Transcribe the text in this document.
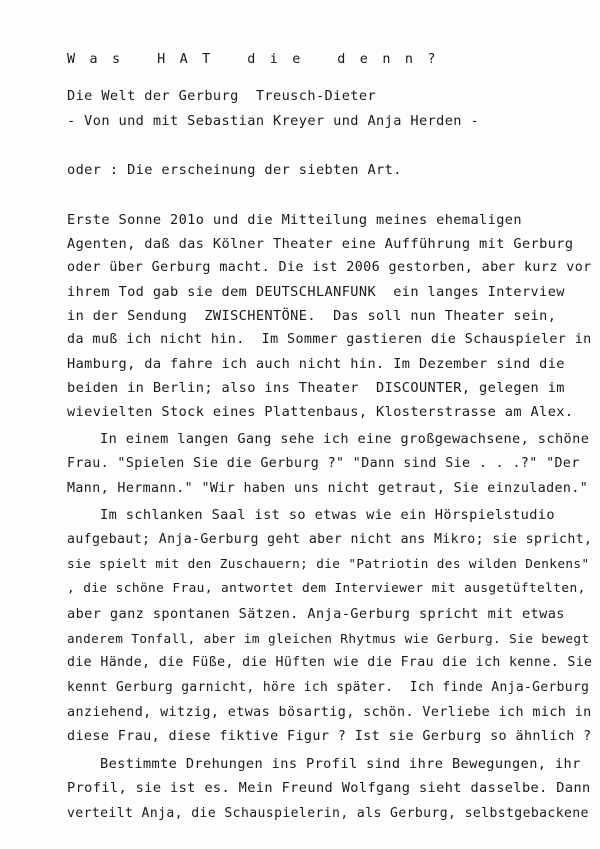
W a s   H A T   d i e   d e n n ?
Die Welt der Gerburg  Treusch-Dieter
- Von und mit Sebastian Kreyer und Anja Herden -
oder : Die erscheinung der siebten Art.
Erste Sonne 201o und die Mitteilung meines ehemaligen
Agenten, daß das Kölner Theater eine Aufführung mit Gerburg
oder über Gerburg macht. Die ist 2006 gestorben, aber kurz vor
ihrem Tod gab sie dem DEUTSCHLANFUNK  ein langes Interview
in der Sendung  ZWISCHENTÖNE.  Das soll nun Theater sein,
da muß ich nicht hin.  Im Sommer gastieren die Schauspieler in
Hamburg, da fahre ich auch nicht hin. Im Dezember sind die
beiden in Berlin; also ins Theater  DISCOUNTER, gelegen im
wievielten Stock eines Plattenbaus, Klosterstrasse am Alex.
In einem langen Gang sehe ich eine großgewachsene, schöne
Frau. "Spielen Sie die Gerburg ?" "Dann sind Sie . . .?" "Der
Mann, Hermann." "Wir haben uns nicht getraut, Sie einzuladen."
Im schlanken Saal ist so etwas wie ein Hörspielstudio
aufgebaut; Anja-Gerburg geht aber nicht ans Mikro; sie spricht,
sie spielt mit den Zuschauern; die "Patriotin des wilden Denkens"
, die schöne Frau, antwortet dem Interviewer mit ausgetüftelten,
aber ganz spontanen Sätzen. Anja-Gerburg spricht mit etwas
anderem Tonfall, aber im gleichen Rhytmus wie Gerburg. Sie bewegt
die Hände, die Füße, die Hüften wie die Frau die ich kenne. Sie
kennt Gerburg garnicht, höre ich später.  Ich finde Anja-Gerburg
anziehend, witzig, etwas bösartig, schön. Verliebe ich mich in
diese Frau, diese fiktive Figur ? Ist sie Gerburg so ähnlich ?
Bestimmte Drehungen ins Profil sind ihre Bewegungen, ihr
Profil, sie ist es. Mein Freund Wolfgang sieht dasselbe. Dann
verteilt Anja, die Schauspielerin, als Gerburg, selbstgebackene
